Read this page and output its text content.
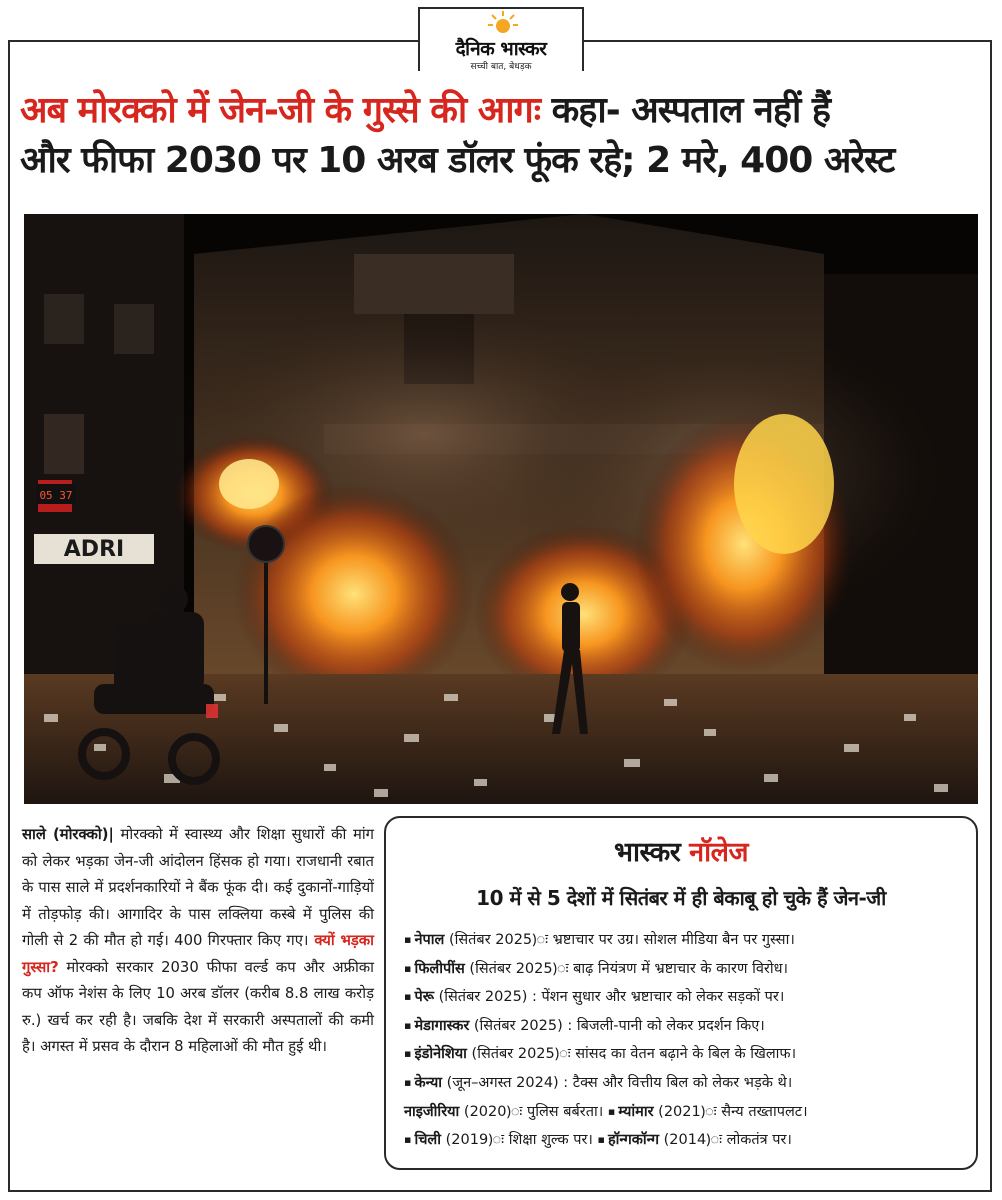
दैनिक भास्कर
सच्ची बात, बेधड़क
अब मोरक्को में जेन-जी के गुस्से की आगः कहा- अस्पताल नहीं हैं
और फीफा 2030 पर 10 अरब डॉलर फूंक रहे; 2 मरे, 400 अरेस्ट
ADRI
05 37
साले (मोरक्को)| मोरक्को में स्वास्थ्य और शिक्षा सुधारों की मांग को लेकर भड़का जेन-जी आंदोलन हिंसक हो गया। राजधानी रबात के पास साले में प्रदर्शनकारियों ने बैंक फूंक दी। कई दुकानों-गाड़ियों में तोड़फोड़ की। आगादिर के पास लक्लिया कस्बे में पुलिस की गोली से 2 की मौत हो गई। 400 गिरफ्तार किए गए। क्यों भड़का गुस्सा? मोरक्को सरकार 2030 फीफा वर्ल्ड कप और अफ्रीका कप ऑफ नेशंस के लिए 10 अरब डॉलर (करीब 8.8 लाख करोड़ रु.) खर्च कर रही है। जबकि देश में सरकारी अस्पतालों की कमी है। अगस्त में प्रसव के दौरान 8 महिलाओं की मौत हुई थी।
भास्कर नॉलेज
10 में से 5 देशों में सितंबर में ही बेकाबू हो चुके हैं जेन-जी
▪ नेपाल (सितंबर 2025)ः भ्रष्टाचार पर उग्र। सोशल मीडिया बैन पर गुस्सा।
▪ फिलीपींस (सितंबर 2025)ः बाढ़ नियंत्रण में भ्रष्टाचार के कारण विरोध।
▪ पेरू (सितंबर 2025) : पेंशन सुधार और भ्रष्टाचार को लेकर सड़कों पर।
▪ मेडागास्कर (सितंबर 2025) : बिजली-पानी को लेकर प्रदर्शन किए।
▪ इंडोनेशिया (सितंबर 2025)ः सांसद का वेतन बढ़ाने के बिल के खिलाफ।
▪ केन्या (जून–अगस्त 2024) : टैक्स और वित्तीय बिल को लेकर भड़के थे।
नाइजीरिया (2020)ः पुलिस बर्बरता। ▪ म्यांमार (2021)ः सैन्य तख्तापलट।
▪ चिली (2019)ः शिक्षा शुल्क पर। ▪ हॉन्गकॉन्ग (2014)ः लोकतंत्र पर।
